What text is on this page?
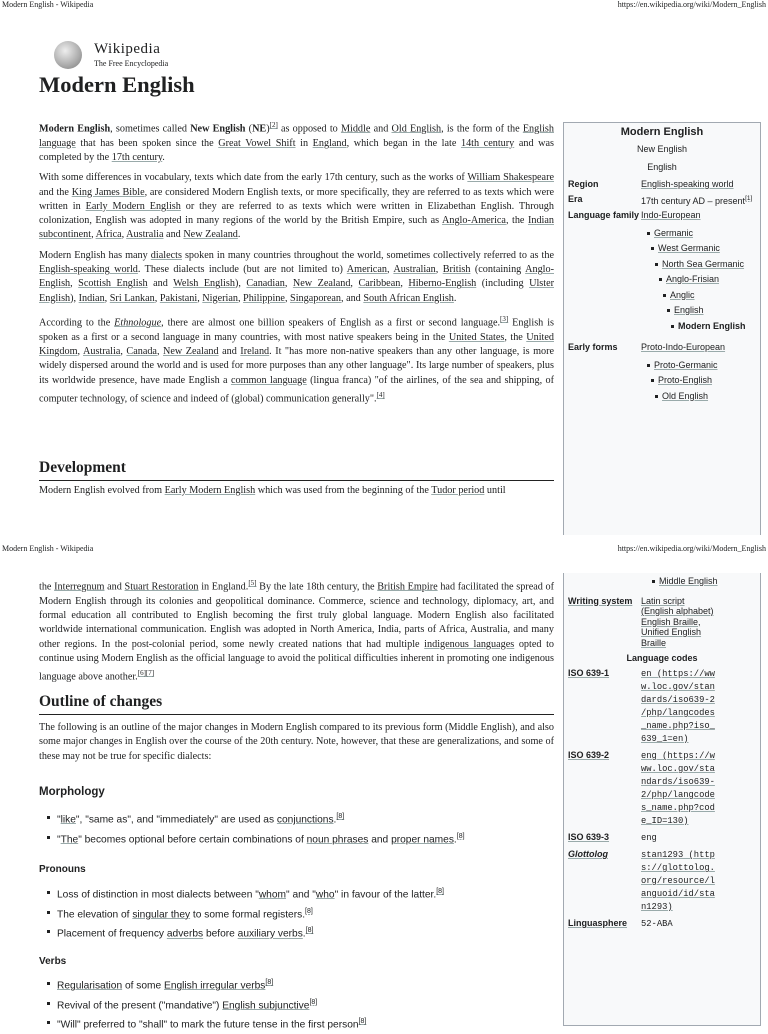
Modern English - Wikipedia	https://en.wikipedia.org/wiki/Modern_English
Wikipedia
The Free Encyclopedia
Modern English

Modern English, sometimes called New English (NE)[2] as opposed to Middle and Old English, is the form of the English language that has been spoken since the Great Vowel Shift in England, which began in the late 14th century and was completed by the 17th century.

With some differences in vocabulary, texts which date from the early 17th century, such as the works of William Shakespeare and the King James Bible, are considered Modern English texts, or more specifically, they are referred to as texts which were written in Early Modern English or they are referred to as texts which were written in Elizabethan English. Through colonization, English was adopted in many regions of the world by the British Empire, such as Anglo-America, the Indian subcontinent, Africa, Australia and New Zealand.

Modern English has many dialects spoken in many countries throughout the world, sometimes collectively referred to as the English-speaking world. These dialects include (but are not limited to) American, Australian, British (containing Anglo-English, Scottish English and Welsh English), Canadian, New Zealand, Caribbean, Hiberno-English (including Ulster English), Indian, Sri Lankan, Pakistani, Nigerian, Philippine, Singaporean, and South African English.

According to the Ethnologue, there are almost one billion speakers of English as a first or second language.[3] English is spoken as a first or a second language in many countries, with most native speakers being in the United States, the United Kingdom, Australia, Canada, New Zealand and Ireland. It "has more non-native speakers than any other language, is more widely dispersed around the world and is used for more purposes than any other language". Its large number of speakers, plus its worldwide presence, have made English a common language (lingua franca) "of the airlines, of the sea and shipping, of computer technology, of science and indeed of (global) communication generally".[4]

Development

Modern English evolved from Early Modern English which was used from the beginning of the Tudor period until

Modern English
New English
English
Region	English-speaking world
Era	17th century AD – present[1]
Language family Indo-European
Germanic
West Germanic
North Sea Germanic
Anglo-Frisian
Anglic
English
Modern English
Early forms	Proto-Indo-European
Proto-Germanic
Proto-English
Old English
Modern English - Wikipedia	https://en.wikipedia.org/wiki/Modern_English

the Interregnum and Stuart Restoration in England.[5] By the late 18th century, the British Empire had facilitated the spread of Modern English through its colonies and geopolitical dominance. Commerce, science and technology, diplomacy, art, and formal education all contributed to English becoming the first truly global language. Modern English also facilitated worldwide international communication. English was adopted in North America, India, parts of Africa, Australia, and many other regions. In the post-colonial period, some newly created nations that had multiple indigenous languages opted to continue using Modern English as the official language to avoid the political difficulties inherent in promoting one indigenous language above another.[6][7]

Outline of changes
The following is an outline of the major changes in Modern English compared to its previous form (Middle English), and also some major changes in English over the course of the 20th century. Note, however, that these are generalizations, and some of these may not be true for specific dialects:
Morphology
"like", "same as", and "immediately" are used as conjunctions.[8]
"The" becomes optional before certain combinations of noun phrases and proper names.[8]
Pronouns
Loss of distinction in most dialects between "whom" and "who" in favour of the latter.[8]
The elevation of singular they to some formal registers.[8]
Placement of frequency adverbs before auxiliary verbs.[8]
Verbs
Regularisation of some English irregular verbs[8]
Revival of the present ("mandative") English subjunctive[8]
"Will" preferred to "shall" to mark the future tense in the first person[8]
Middle English
Writing system Latin script
(English alphabet)
English Braille,
Unified English
Braille
Language codes
ISO 639-1	en (https://ww
w.loc.gov/stan
dards/iso639-2
/php/langcodes
_name.php?iso_
639_1=en)
ISO 639-2	eng (https://w
ww.loc.gov/sta
ndards/iso639-
2/php/langcode
s_name.php?cod
e_ID=130)
ISO 639-3	eng
Glottolog	stan1293 (http
s://glottolog.
org/resource/l
anguoid/id/sta
n1293)
Linguasphere	52-ABA
